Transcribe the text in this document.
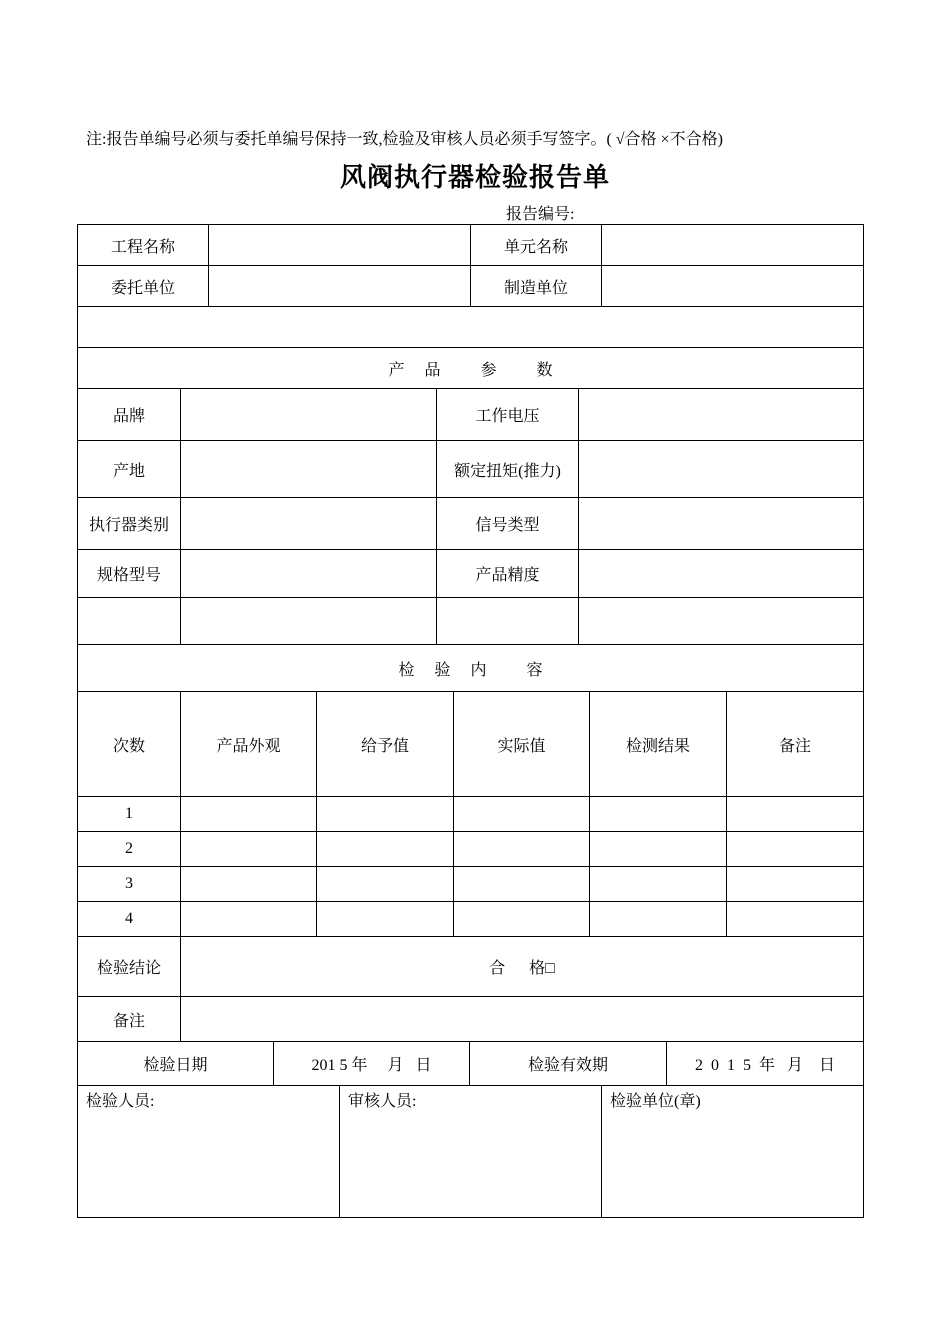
注:报告单编号必须与委托单编号保持一致,检验及审核人员必须手写签字。( √合格 ×不合格)
风阀执行器检验报告单
报告编号:
工程名称		单元名称	
委托单位		制造单位	

产     品          参          数			
品牌		工作电压	
产地		额定扭矩(推力)	
执行器类别		信号类型	
规格型号		产品精度	

检     验     内          容			
次数	产品外观	给予值	实际值	检测结果	备注
1					
2					
3					
4					
检验结论	合      格□
备注	
检验日期	201 5 年     月   日	检验有效期	2  0  1  5  年   月    日
检验人员:	审核人员:	检验单位(章)
